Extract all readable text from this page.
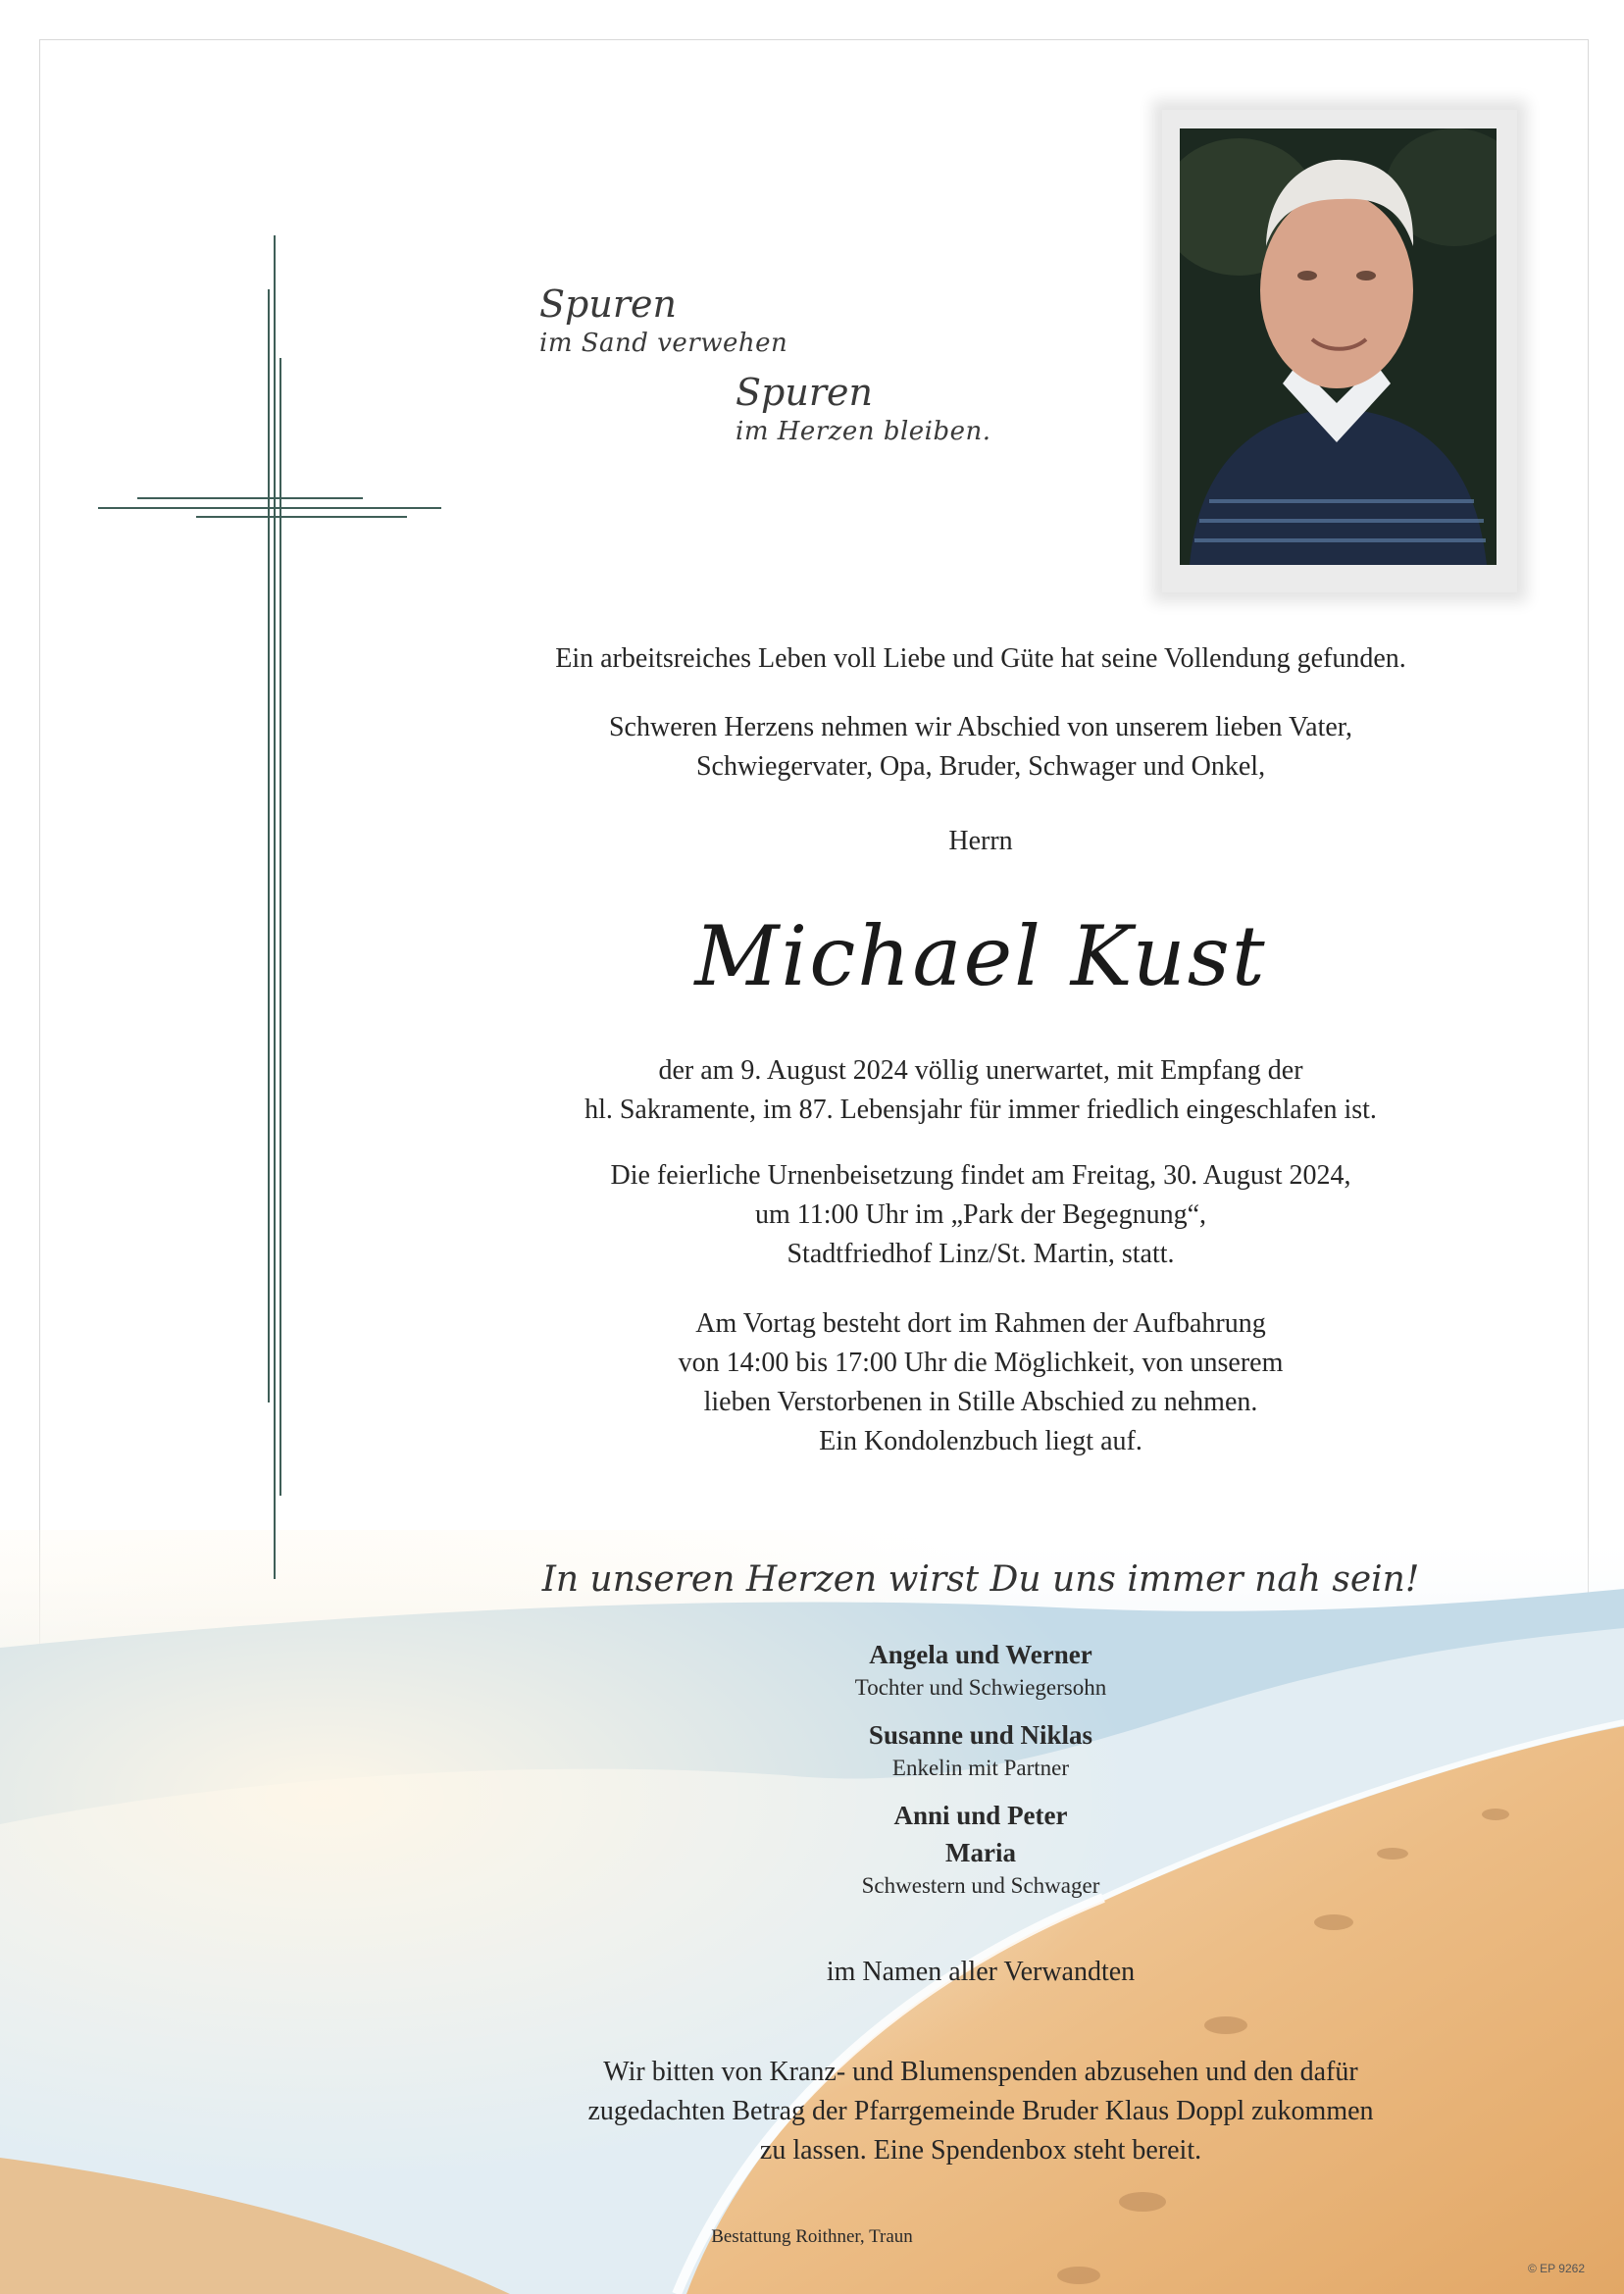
Spuren
im Sand verwehen
Spuren
im Herzen bleiben.

Ein arbeitsreiches Leben voll Liebe und Güte hat seine Vollendung gefunden.

Schweren Herzens nehmen wir Abschied von unserem lieben Vater,

Schwiegervater, Opa, Bruder, Schwager und Onkel,

Herrn

Michael Kust

der am 9. August 2024 völlig unerwartet, mit Empfang der

hl. Sakramente, im 87. Lebensjahr für immer friedlich eingeschlafen ist.

Die feierliche Urnenbeisetzung findet am Freitag, 30. August 2024,

um 11:00 Uhr im „Park der Begegnung“,

Stadtfriedhof Linz/St. Martin, statt.

Am Vortag besteht dort im Rahmen der Aufbahrung

von 14:00 bis 17:00 Uhr die Möglichkeit, von unserem

lieben Verstorbenen in Stille Abschied zu nehmen.

Ein Kondolenzbuch liegt auf.

In unseren Herzen wirst Du uns immer nah sein!

Angela und Werner

Tochter und Schwiegersohn

Susanne und Niklas

Enkelin mit Partner

Anni und Peter

Maria

Schwestern und Schwager

im Namen aller Verwandten

Wir bitten von Kranz- und Blumenspenden abzusehen und den dafür

zugedachten Betrag der Pfarrgemeinde Bruder Klaus Doppl zukommen

zu lassen. Eine Spendenbox steht bereit.

Bestattung Roithner, Traun
© EP 9262
